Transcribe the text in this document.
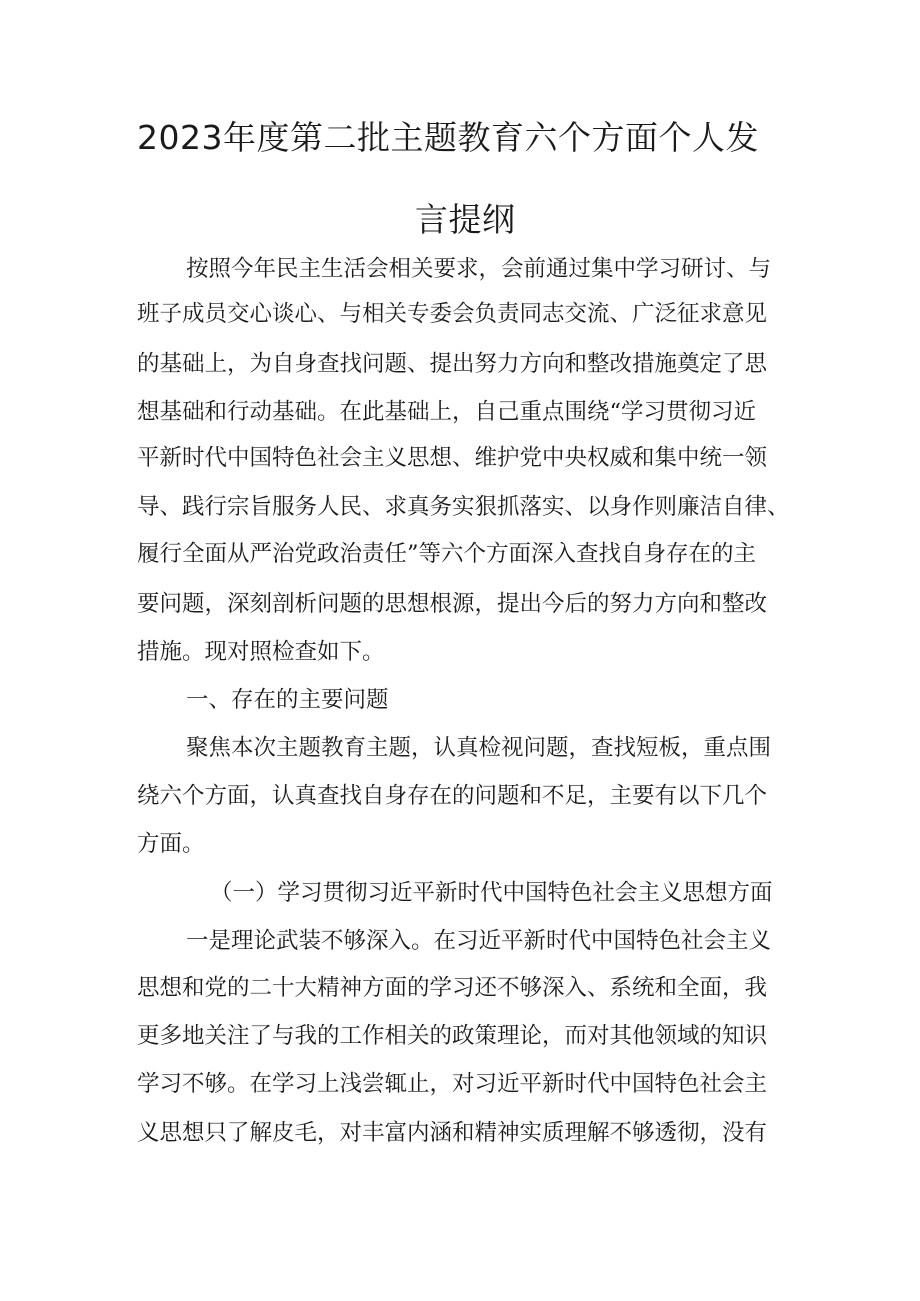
2023年度第二批主题教育六个方面个人发
言提纲
按照今年民主生活会相关要求，会前通过集中学习研讨、与
班子成员交心谈心、与相关专委会负责同志交流、广泛征求意见
的基础上，为自身查找问题、提出努力方向和整改措施奠定了思
想基础和行动基础。在此基础上，自己重点围绕“学习贯彻习近
平新时代中国特色社会主义思想、维护党中央权威和集中统一领
导、践行宗旨服务人民、求真务实狠抓落实、以身作则廉洁自律、
履行全面从严治党政治责任”等六个方面深入查找自身存在的主
要问题，深刻剖析问题的思想根源，提出今后的努力方向和整改
措施。现对照检查如下。
一、存在的主要问题
聚焦本次主题教育主题，认真检视问题，查找短板，重点围
绕六个方面，认真查找自身存在的问题和不足，主要有以下几个
方面。
（一）学习贯彻习近平新时代中国特色社会主义思想方面
一是理论武装不够深入。在习近平新时代中国特色社会主义
思想和党的二十大精神方面的学习还不够深入、系统和全面，我
更多地关注了与我的工作相关的政策理论，而对其他领域的知识
学习不够。在学习上浅尝辄止，对习近平新时代中国特色社会主
义思想只了解皮毛，对丰富内涵和精神实质理解不够透彻，没有
